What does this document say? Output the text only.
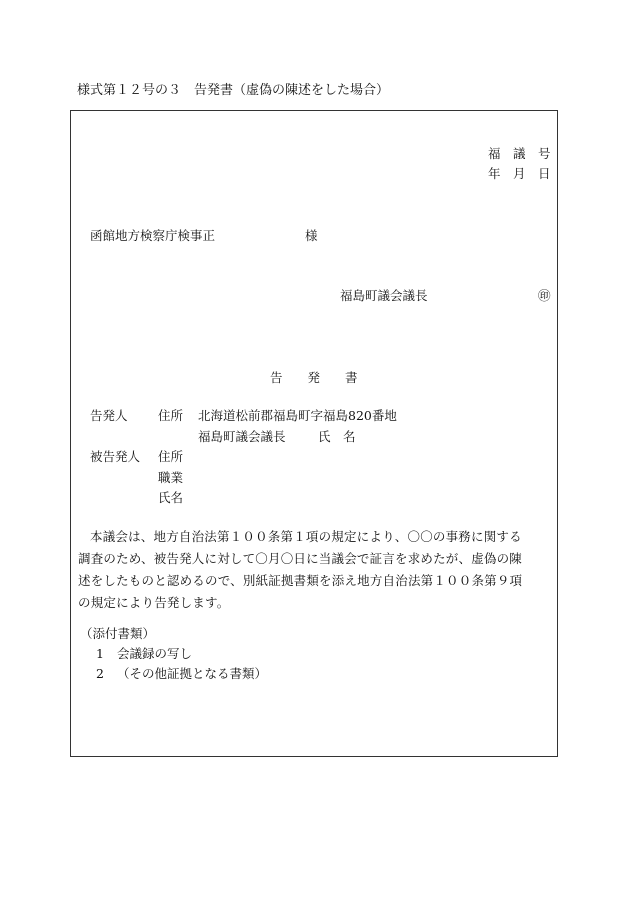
様式第１２号の３　告発書（虚偽の陳述をした場合）
福　議　号
年　月　日
函館地方検察庁検事正	様
福島町議会議長	㊞
告　　発　　書
告発人 住所 北海道松前郡福島町字福島820番地
福島町議会議長	氏　名
被告発人 住所
職業
氏名

本議会は、地方自治法第１００条第１項の規定により、〇〇の事務に関する

調査のため、被告発人に対して〇月〇日に当議会で証言を求めたが、虚偽の陳

述をしたものと認めるので、別紙証拠書類を添え地方自治法第１００条第９項

の規定により告発します。

（添付書類）
1 会議録の写し
2 （その他証拠となる書類）
